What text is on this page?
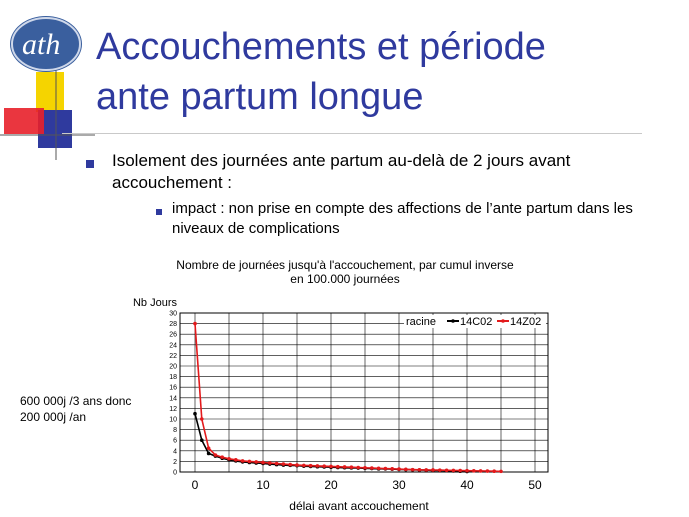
ath Accouchements et période
ante partum longue
Isolement des journées ante partum au-delà de 2 jours avant accouchement :
impact : non prise en compte des affections de l’ante partum dans les niveaux de complications
Nombre de journées jusqu'à l'accouchement, par cumul inverse
en 100.000 journées
600 000j /3 ans donc
200 000j /an
0
2
4
6
8
10
12
14
16
18
20
22
24
26
28
30
0	10	20	30	40	50
Nb Jours
délai avant accouchement
racine 14C02 14Z02
